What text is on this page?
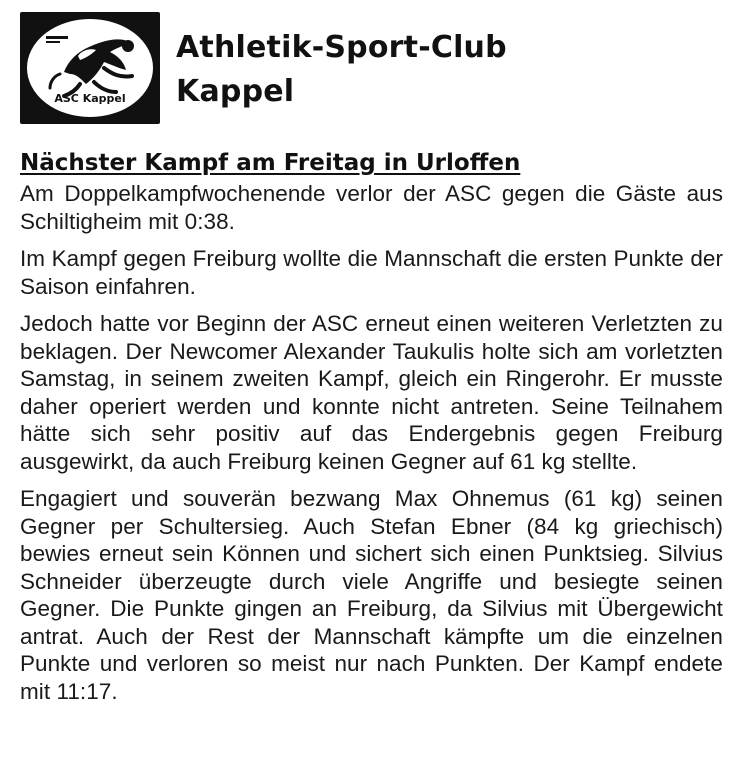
ASC Kappel
Athletik-Sport-Club
Kappel
Nächster Kampf am Freitag in Urloffen

Am Doppelkampfwochenende verlor der ASC gegen die Gäste aus Schiltigheim mit 0:38.

Im Kampf gegen Freiburg wollte die Mannschaft die ersten Punkte der Saison einfahren.

Jedoch hatte vor Beginn der ASC erneut einen weiteren Verletzten zu beklagen. Der Newcomer Alexander Taukulis holte sich am vorletzten Samstag, in seinem zweiten Kampf, gleich ein Ringerohr. Er musste daher operiert werden und konnte nicht antreten. Seine Teilnahem hätte sich sehr positiv auf das Endergebnis gegen Freiburg ausgewirkt, da auch Freiburg keinen Gegner auf 61 kg stellte.

Engagiert und souverän bezwang Max Ohnemus (61 kg) seinen Gegner per Schultersieg. Auch Stefan Ebner (84 kg griechisch) bewies erneut sein Können und sichert sich einen Punktsieg. Silvius Schneider überzeugte durch viele Angriffe und besiegte seinen Gegner. Die Punkte gingen an Freiburg, da Silvius mit Übergewicht antrat. Auch der Rest der Mannschaft kämpfte um die einzelnen Punkte und verloren so meist nur nach Punkten. Der Kampf endete mit 11:17.
